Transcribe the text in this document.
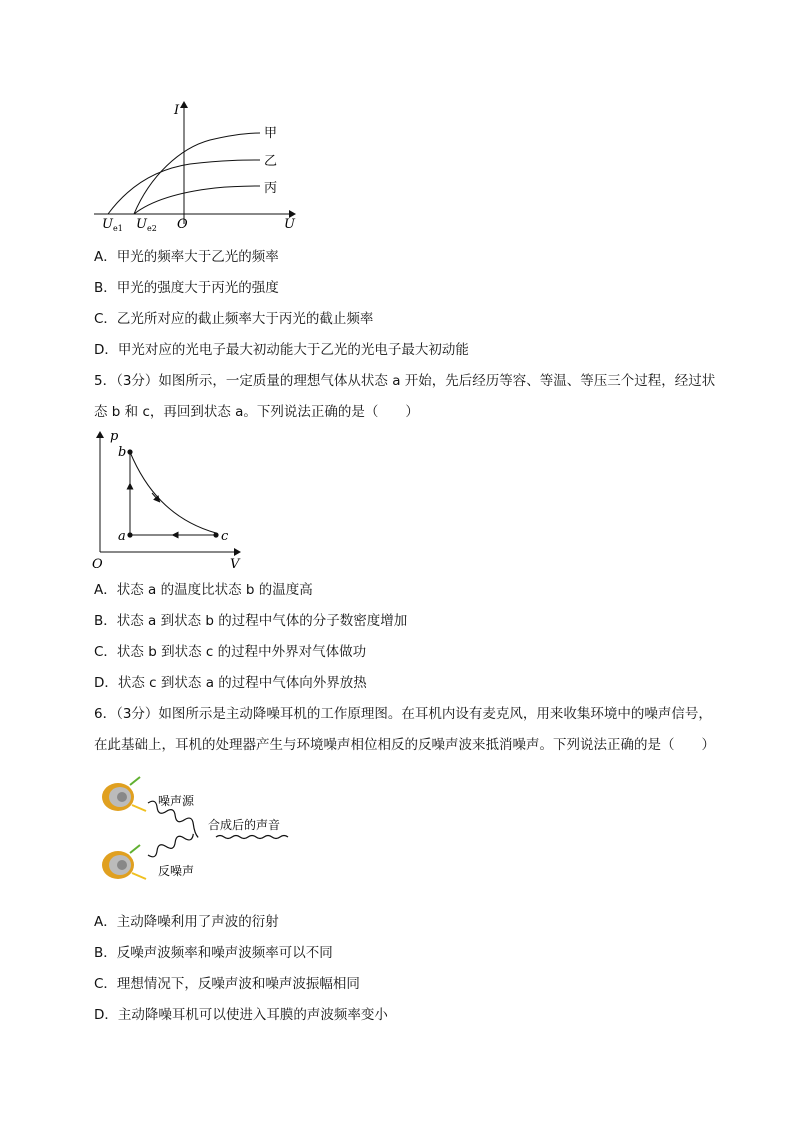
I
U
O
甲
乙
丙
$U_{e1}$ $U_{e2}$
A．甲光的频率大于乙光的频率
B．甲光的强度大于丙光的强度
C．乙光所对应的截止频率大于丙光的截止频率
D．甲光对应的光电子最大初动能大于乙光的光电子最大初动能
5．（3分）如图所示，一定质量的理想气体从状态 a 开始，先后经历等容、等温、等压三个过程，经过状
态 b 和 c，再回到状态 a。下列说法正确的是（　　）
p
V
O
a
b
c
A．状态 a 的温度比状态 b 的温度高
B．状态 a 到状态 b 的过程中气体的分子数密度增加
C．状态 b 到状态 c 的过程中外界对气体做功
D．状态 c 到状态 a 的过程中气体向外界放热
6．（3分）如图所示是主动降噪耳机的工作原理图。在耳机内设有麦克风，用来收集环境中的噪声信号，
在此基础上，耳机的处理器产生与环境噪声相位相反的反噪声波来抵消噪声。下列说法正确的是（　　）
噪声源
合成后的声音
反噪声
A．主动降噪利用了声波的衍射
B．反噪声波频率和噪声波频率可以不同
C．理想情况下，反噪声波和噪声波振幅相同
D．主动降噪耳机可以使进入耳膜的声波频率变小
